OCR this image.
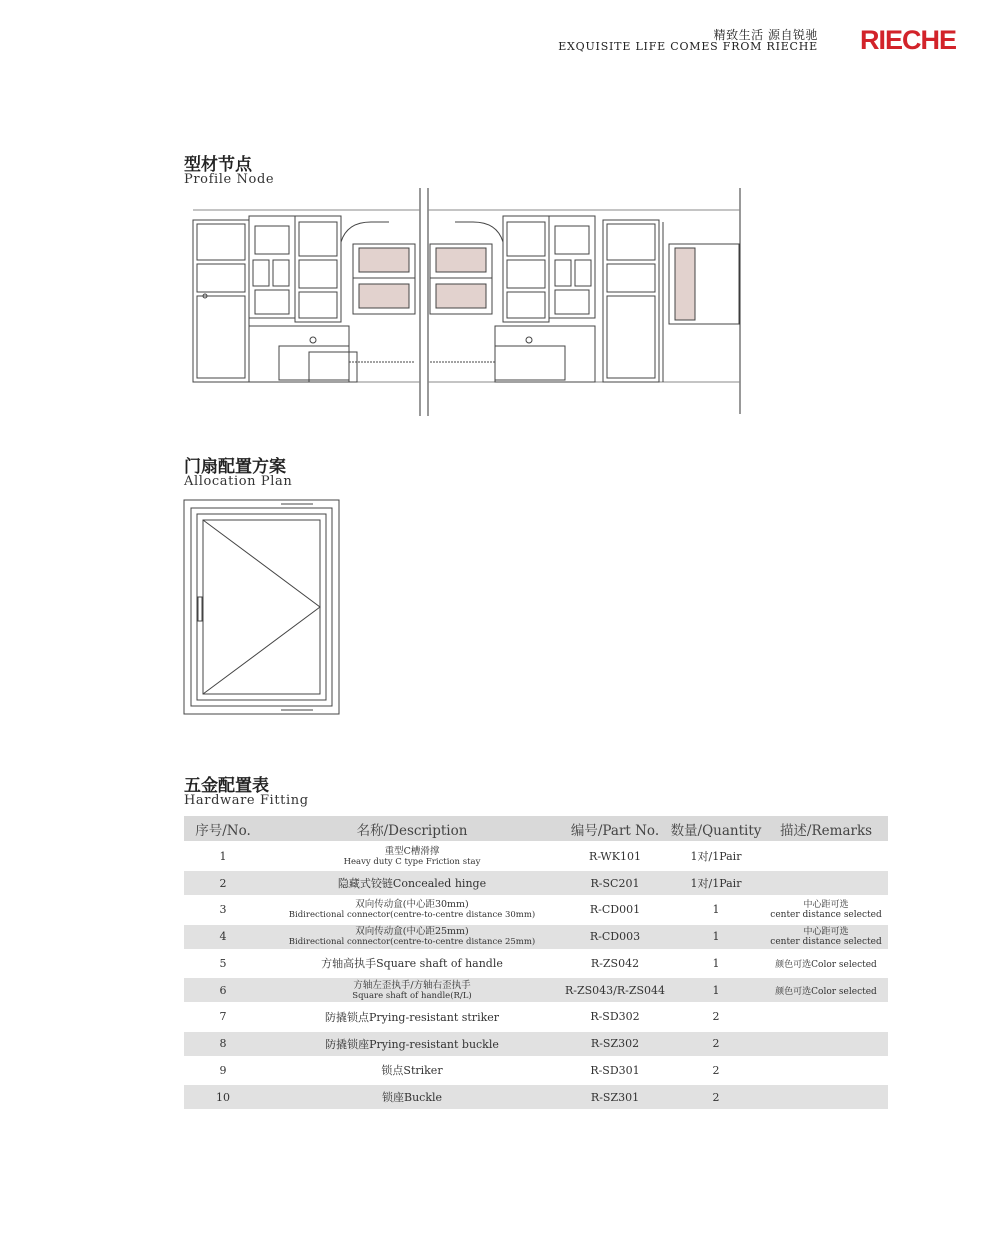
精致生活 源自锐驰
EXQUISITE LIFE COMES FROM RIECHE RIECHE
型材节点
Profile Node
门扇配置方案
Allocation Plan
五金配置表
Hardware Fitting
序号/No.	名称/Description	编号/Part No.	数量/Quantity	描述/Remarks
1	重型C槽滑撑
Heavy duty C type Friction stay	R-WK101	1对/1Pair	
2	隐藏式铰链Concealed hinge	R-SC201	1对/1Pair	
3	双向传动盒(中心距30mm)
Bidirectional connector(centre-to-centre distance 30mm)	R-CD001	1	中心距可选
center distance selected

4	双向传动盒(中心距25mm)
Bidirectional connector(centre-to-centre distance 25mm)	R-CD003	1	中心距可选
center distance selected

5	方轴高执手Square shaft of handle	R-ZS042	1	颜色可选Color selected
6	方轴左歪执手/方轴右歪执手
Square shaft of handle(R/L)	R-ZS043/R-ZS044	1	颜色可选Color selected
7	防撬锁点Prying-resistant striker	R-SD302	2	
8	防撬锁座Prying-resistant buckle	R-SZ302	2	
9	锁点Striker	R-SD301	2	
10	锁座Buckle	R-SZ301	2	
